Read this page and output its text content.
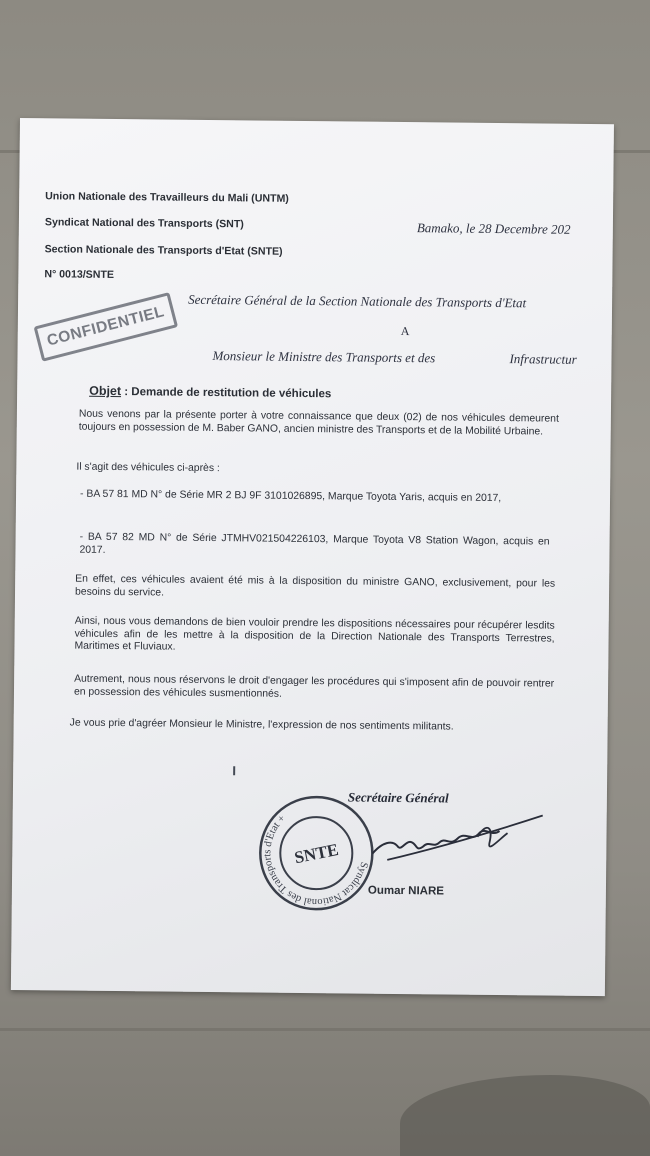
Union Nationale des Travailleurs du Mali (UNTM)
Syndicat National des Transports (SNT)
Section Nationale des Transports d'Etat (SNTE)
N° 0013/SNTE
Bamako, le 28 Decembre 202
CONFIDENTIEL
Secrétaire Général de la Section Nationale des Transports d'Etat
A
Monsieur le Ministre des Transports et des	Infrastructur
Objet : Demande de restitution de véhicules
Nous venons par la présente porter à votre connaissance que deux (02) de nos véhicules demeurent toujours en possession de M. Baber GANO, ancien ministre des Transports et de la Mobilité Urbaine.
Il s'agit des véhicules ci-après :
- BA 57 81 MD N° de Série MR 2 BJ 9F 3101026895, Marque Toyota Yaris, acquis en 2017,
- BA 57 82 MD N° de Série JTMHV021504226103, Marque Toyota V8 Station Wagon, acquis en 2017.
En effet, ces véhicules avaient été mis à la disposition du ministre GANO, exclusivement, pour les besoins du service.
Ainsi, nous vous demandons de bien vouloir prendre les dispositions nécessaires pour récupérer lesdits véhicules afin de les mettre à la disposition de la Direction Nationale des Transports Terrestres, Maritimes et Fluviaux.
Autrement, nous nous réservons le droit d'engager les procédures qui s'imposent afin de pouvoir rentrer en possession des véhicules susmentionnés.
Je vous prie d'agréer Monsieur le Ministre, l'expression de nos sentiments militants.
Syndicat National des Transports d'Etat +
SNTE
Secrétaire Général
Oumar NIARE
